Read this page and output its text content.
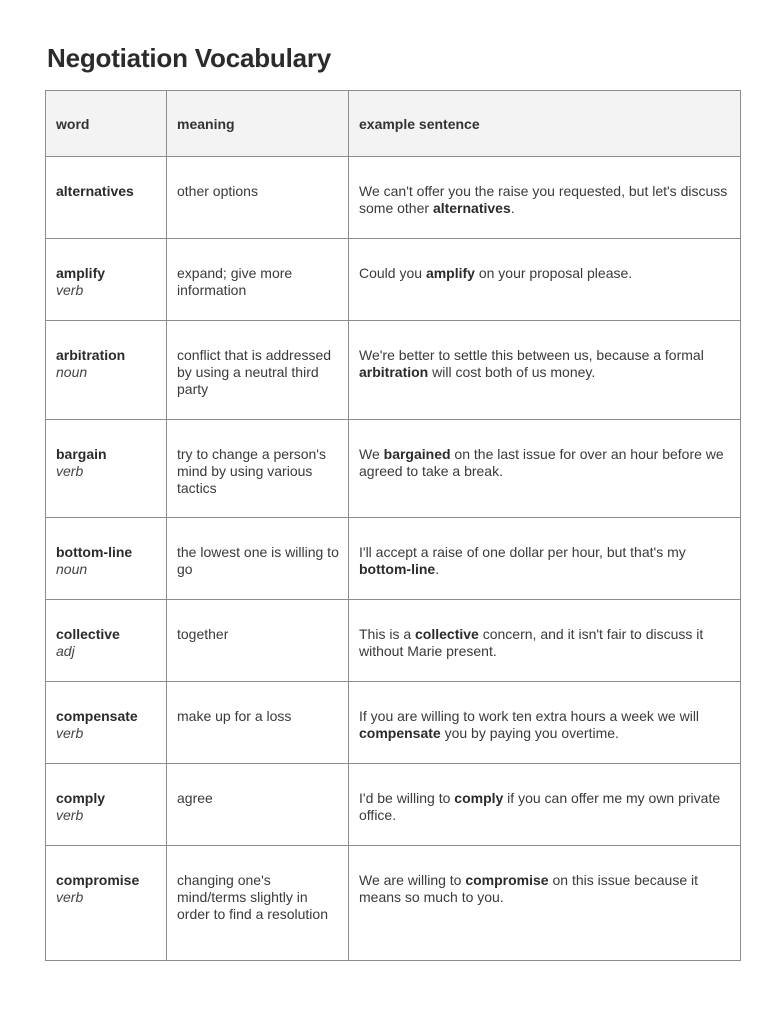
Negotiation Vocabulary
word	meaning	example sentence

alternatives	other options	We can't offer you the raise you requested, but let's discuss some other alternatives.

amplify
verb	expand; give more information	Could you amplify on your proposal please.

arbitration
noun	conflict that is addressed by using a neutral third party	We're better to settle this between us, because a formal arbitration will cost both of us money.

bargain
verb	try to change a person's mind by using various tactics	We bargained on the last issue for over an hour before we agreed to take a break.

bottom-line
noun	the lowest one is willing to go	I'll accept a raise of one dollar per hour, but that's my bottom-line.

collective
adj	together	This is a collective concern, and it isn't fair to discuss it without Marie present.

compensate
verb	make up for a loss	If you are willing to work ten extra hours a week we will compensate you by paying you overtime.

comply
verb	agree	I'd be willing to comply if you can offer me my own private office.

compromise
verb	changing one's mind/terms slightly in order to find a resolution	We are willing to compromise on this issue because it means so much to you.
